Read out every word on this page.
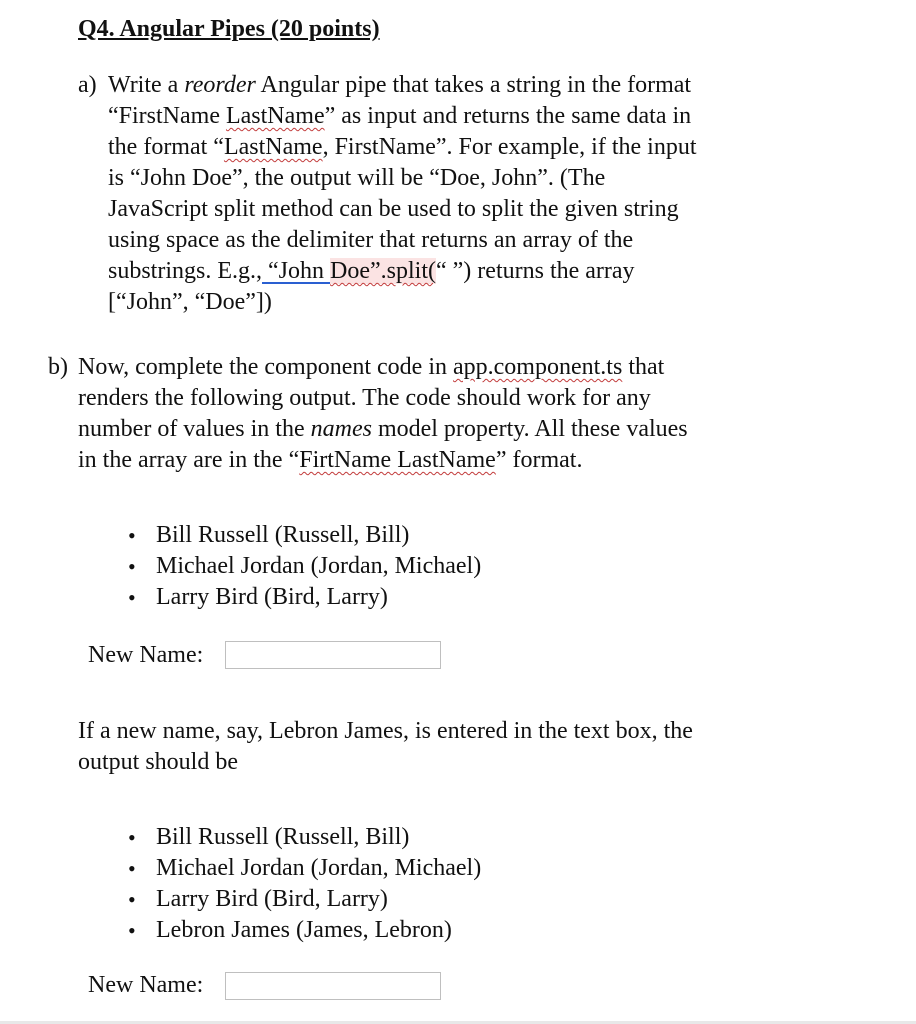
Q4. Angular Pipes (20 points)
a) Write a reorder Angular pipe that takes a string in the format
“FirstName LastName” as input and returns the same data in
the format “LastName, FirstName”. For example, if the input
is “John Doe”, the output will be “Doe, John”. (The
JavaScript split method can be used to split the given string
using space as the delimiter that returns an array of the
substrings. E.g., “John Doe”.split(“ ”) returns the array
[“John”, “Doe”])
b) Now, complete the component code in app.component.ts that
renders the following output. The code should work for any
number of values in the names model property. All these values
in the array are in the “FirtName LastName” format.
• Bill Russell (Russell, Bill)
• Michael Jordan (Jordan, Michael)
• Larry Bird (Bird, Larry)
New Name:
If a new name, say, Lebron James, is entered in the text box, the
output should be
• Bill Russell (Russell, Bill)
• Michael Jordan (Jordan, Michael)
• Larry Bird (Bird, Larry)
• Lebron James (James, Lebron)
New Name:
